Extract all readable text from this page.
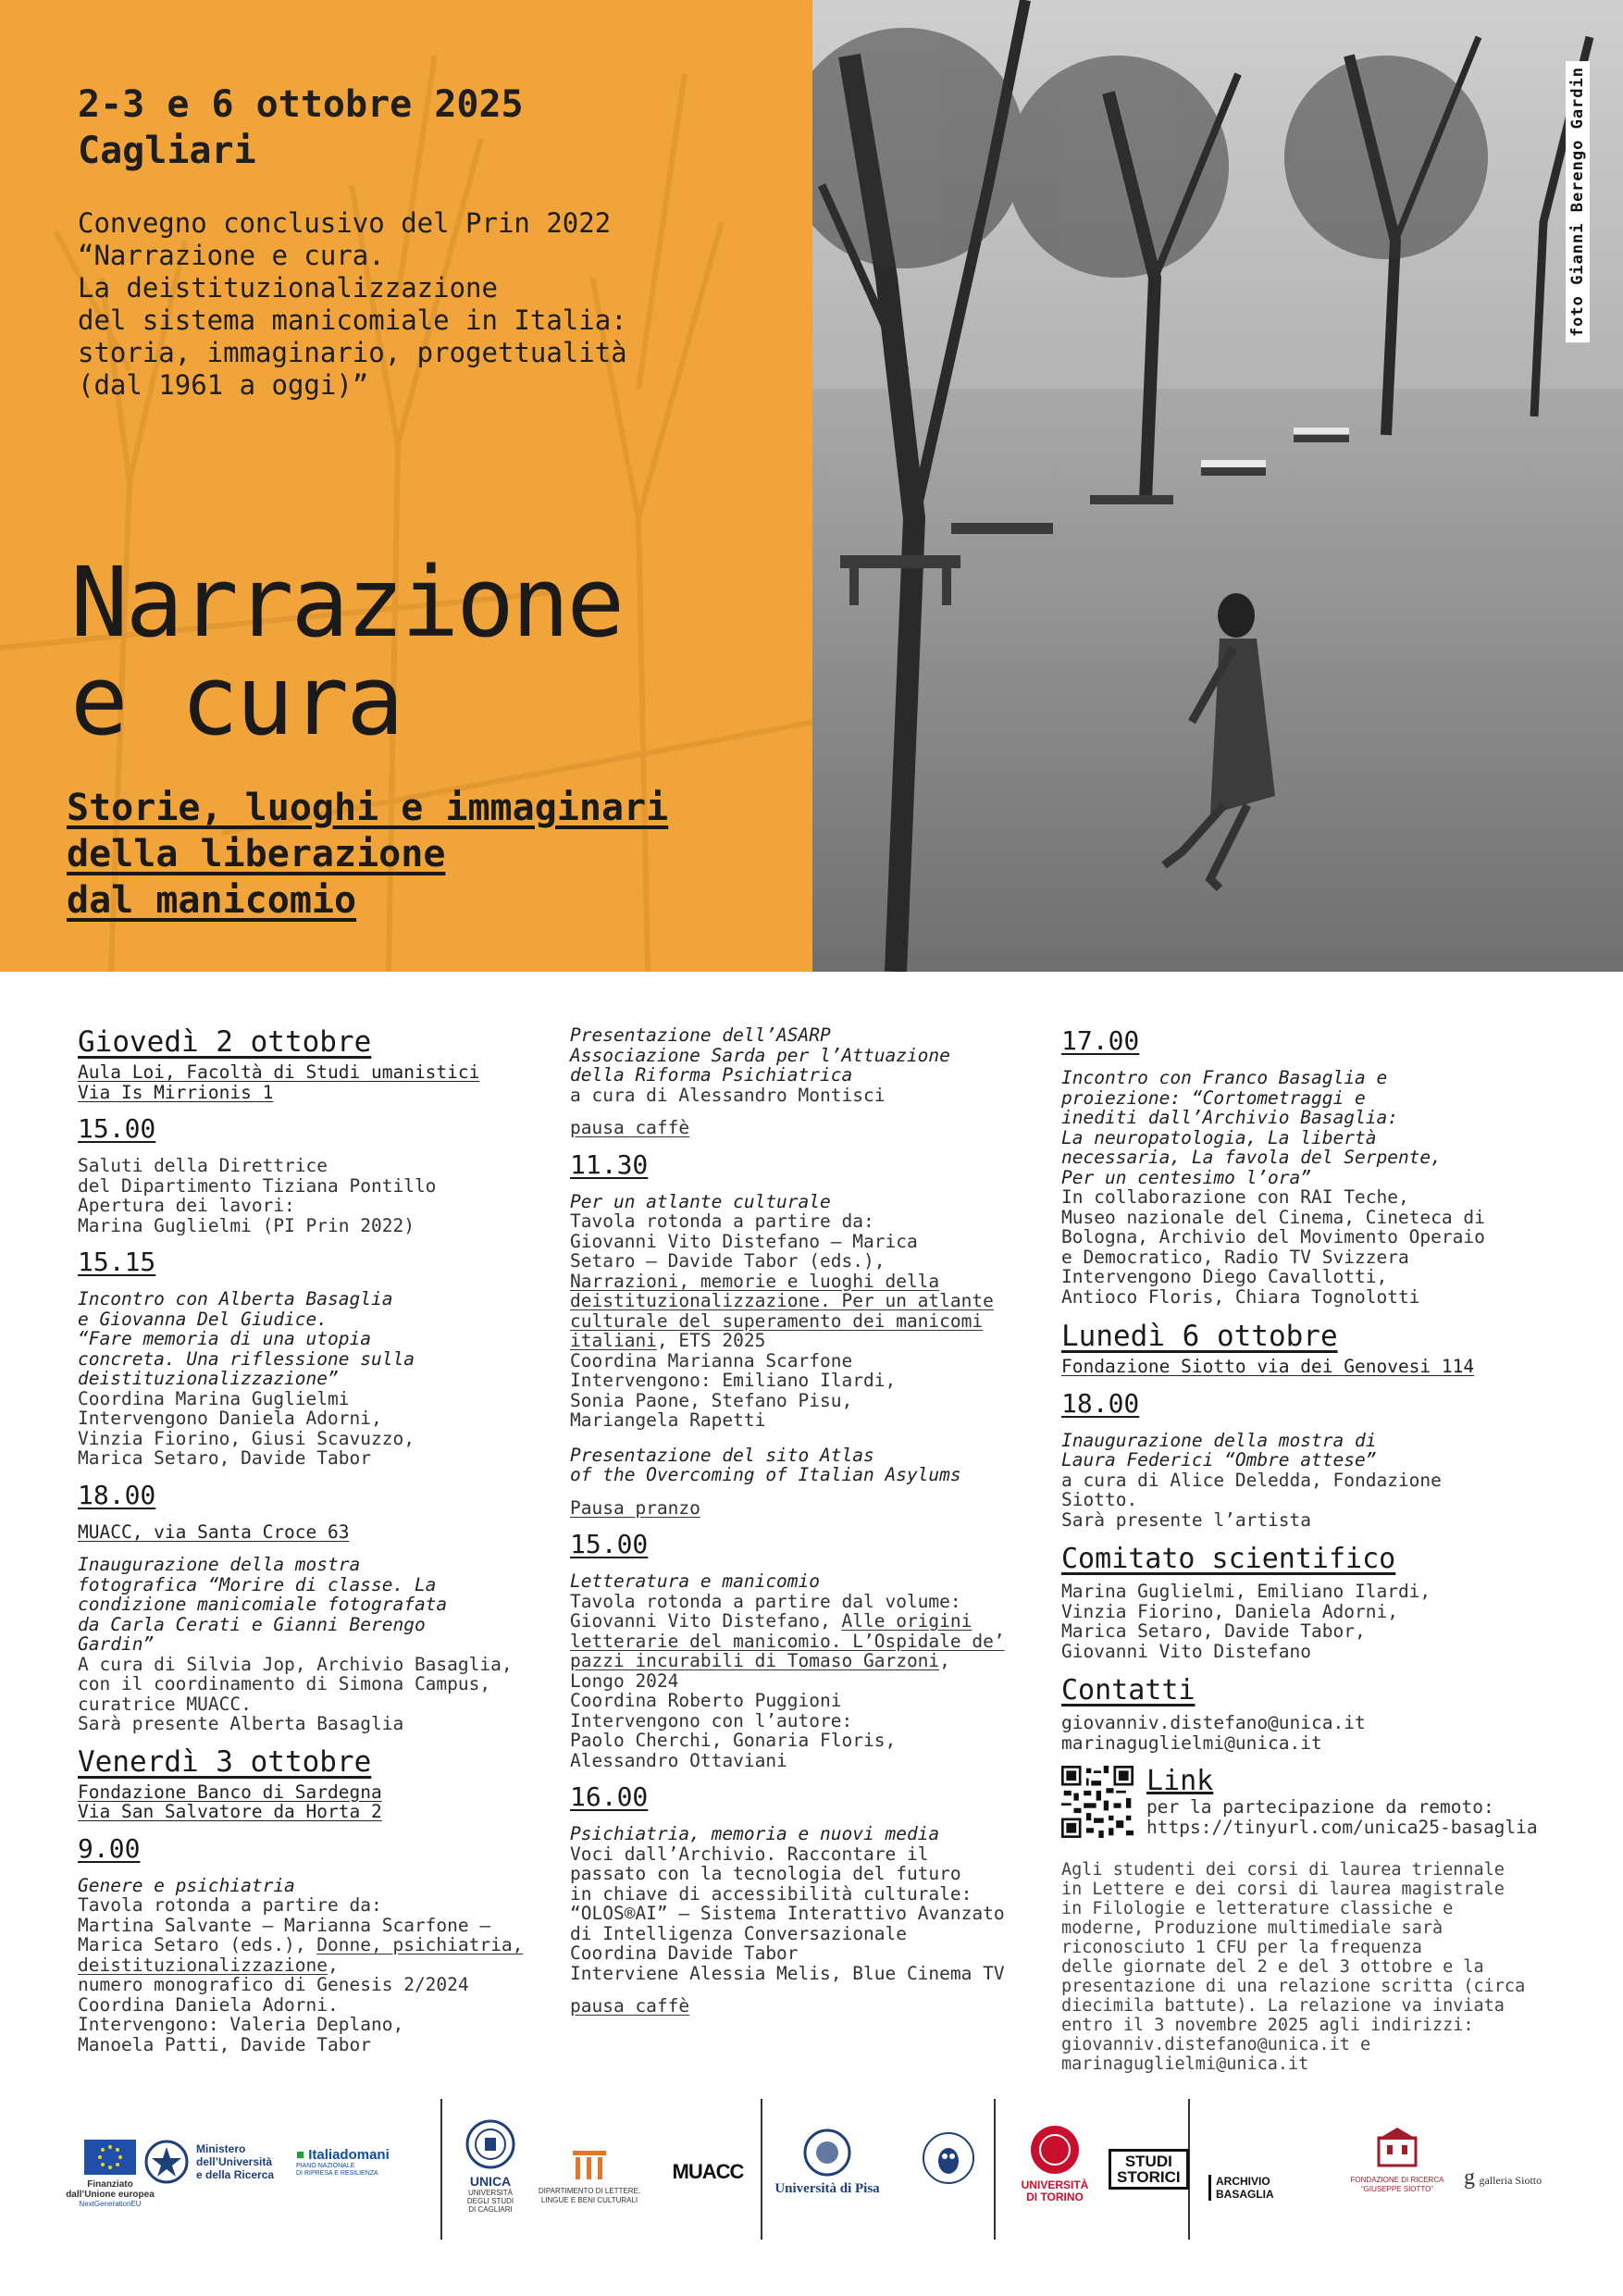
2-3 e 6 ottobre 2025
Cagliari
Convegno conclusivo del Prin 2022
“Narrazione e cura.
La deistituzionalizzazione
del sistema manicomiale in Italia:
storia, immaginario, progettualità
(dal 1961 a oggi)”
Narrazione
e cura
Storie, luoghi e immaginari
della liberazione
dal manicomio
foto Gianni Berengo Gardin
Giovedì 2 ottobre
Aula Loi, Facoltà di Studi umanistici
Via Is Mirrionis 1
15.00
Saluti della Direttrice
del Dipartimento Tiziana Pontillo
Apertura dei lavori:
Marina Guglielmi (PI Prin 2022)
15.15
Incontro con Alberta Basaglia
e Giovanna Del Giudice.
“Fare memoria di una utopia
concreta. Una riflessione sulla
deistituzionalizzazione”
Coordina Marina Guglielmi
Intervengono Daniela Adorni,
Vinzia Fiorino, Giusi Scavuzzo,
Marica Setaro, Davide Tabor
18.00
MUACC, via Santa Croce 63
Inaugurazione della mostra
fotografica “Morire di classe. La
condizione manicomiale fotografata
da Carla Cerati e Gianni Berengo
Gardin”
A cura di Silvia Jop, Archivio Basaglia,
con il coordinamento di Simona Campus,
curatrice MUACC.
Sarà presente Alberta Basaglia
Venerdì 3 ottobre
Fondazione Banco di Sardegna
Via San Salvatore da Horta 2
9.00
Genere e psichiatria
Tavola rotonda a partire da:
Martina Salvante – Marianna Scarfone –
Marica Setaro (eds.), Donne, psichiatria, deistituzionalizzazione,
numero monografico di Genesis 2/2024
Coordina Daniela Adorni.
Intervengono: Valeria Deplano,
Manoela Patti, Davide Tabor
Presentazione dell’ASARP
Associazione Sarda per l’Attuazione
della Riforma Psichiatrica
a cura di Alessandro Montisci
pausa caffè
11.30
Per un atlante culturale
Tavola rotonda a partire da:
Giovanni Vito Distefano – Marica
Setaro – Davide Tabor (eds.),
Narrazioni, memorie e luoghi della deistituzionalizzazione. Per un atlante culturale del superamento dei manicomi italiani, ETS 2025
Coordina Marianna Scarfone
Intervengono: Emiliano Ilardi,
Sonia Paone, Stefano Pisu,
Mariangela Rapetti
Presentazione del sito Atlas
of the Overcoming of Italian Asylums
Pausa pranzo
15.00
Letteratura e manicomio
Tavola rotonda a partire dal volume:
Giovanni Vito Distefano, Alle origini letterarie del manicomio. L’Ospidale de’ pazzi incurabili di Tomaso Garzoni,
Longo 2024
Coordina Roberto Puggioni
Intervengono con l’autore:
Paolo Cherchi, Gonaria Floris,
Alessandro Ottaviani
16.00
Psichiatria, memoria e nuovi media
Voci dall’Archivio. Raccontare il
passato con la tecnologia del futuro
in chiave di accessibilità culturale:
“OLOS®AI” – Sistema Interattivo Avanzato
di Intelligenza Conversazionale
Coordina Davide Tabor
Interviene Alessia Melis, Blue Cinema TV
pausa caffè
17.00
Incontro con Franco Basaglia e
proiezione: “Cortometraggi e
inediti dall’Archivio Basaglia:
La neuropatologia, La libertà
necessaria, La favola del Serpente,
Per un centesimo l’ora”
In collaborazione con RAI Teche,
Museo nazionale del Cinema, Cineteca di
Bologna, Archivio del Movimento Operaio
e Democratico, Radio TV Svizzera
Intervengono Diego Cavallotti,
Antioco Floris, Chiara Tognolotti
Lunedì 6 ottobre
Fondazione Siotto via dei Genovesi 114
18.00
Inaugurazione della mostra di
Laura Federici “Ombre attese”
a cura di Alice Deledda, Fondazione
Siotto.
Sarà presente l’artista
Comitato scientifico
Marina Guglielmi, Emiliano Ilardi,
Vinzia Fiorino, Daniela Adorni,
Marica Setaro, Davide Tabor,
Giovanni Vito Distefano
Contatti
giovanniv.distefano@unica.it
marinaguglielmi@unica.it
Link
per la partecipazione da remoto:
https://tinyurl.com/unica25-basaglia
Agli studenti dei corsi di laurea triennale
in Lettere e dei corsi di laurea magistrale
in Filologie e letterature classiche e
moderne, Produzione multimediale sarà
riconosciuto 1 CFU per la frequenza
delle giornate del 2 e del 3 ottobre e la
presentazione di una relazione scritta (circa
diecimila battute). La relazione va inviata
entro il 3 novembre 2025 agli indirizzi:
giovanniv.distefano@unica.it e
marinaguglielmi@unica.it
Finanziato
dall’Unione europea
NextGenerationEU
Ministero
dell’Università
e della Ricerca
■ Italiadomani
PIANO NAZIONALE
DI RIPRESA E RESILIENZA
UNICA
UNIVERSITÀ
DEGLI STUDI
DI CAGLIARI
DIPARTIMENTO DI LETTERE,
LINGUE E BENI CULTURALI
MUACC
Università di Pisa	UNIVERSITÀ
DI TORINO
STUDI
STORICI	ARCHIVIO BASAGLIA
FONDAZIONE DI RICERCA
“GIUSEPPE SIOTTO”	g galleria Siotto
